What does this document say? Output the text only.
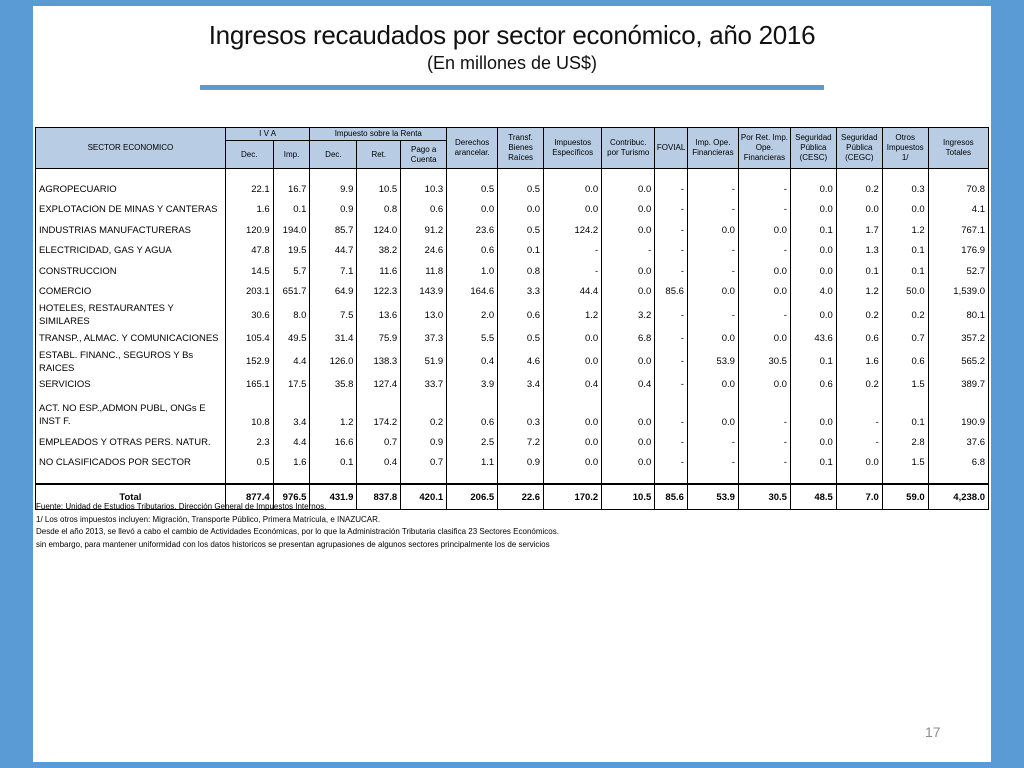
Ingresos recaudados por sector económico, año 2016
(En millones de US$)
SECTOR ECONOMICO	I V A		Impuesto sobre la Renta			Derechos arancelar.	Transf. Bienes Raíces	Impuestos Específicos	Contribuc. por Turismo	FOVIAL	Imp. Ope. Financieras	Por Ret. Imp. Ope. Financieras	Seguridad Pública (CESC)	Seguridad Pública (CEGC)	Otros Impuestos 1/	Ingresos Totales
	Dec.	Imp.	Dec.	Ret.	Pago a Cuenta											

AGROPECUARIO	22.1	16.7	9.9	10.5	10.3	0.5	0.5	0.0	0.0	-	-	-	0.0	0.2	0.3	70.8
EXPLOTACION DE MINAS Y CANTERAS	1.6	0.1	0.9	0.8	0.6	0.0	0.0	0.0	0.0	-	-	-	0.0	0.0	0.0	4.1
INDUSTRIAS MANUFACTURERAS	120.9	194.0	85.7	124.0	91.2	23.6	0.5	124.2	0.0	-	0.0	0.0	0.1	1.7	1.2	767.1
ELECTRICIDAD, GAS Y AGUA	47.8	19.5	44.7	38.2	24.6	0.6	0.1	-	-	-	-	-	0.0	1.3	0.1	176.9
CONSTRUCCION	14.5	5.7	7.1	11.6	11.8	1.0	0.8	-	0.0	-	-	0.0	0.0	0.1	0.1	52.7
COMERCIO	203.1	651.7	64.9	122.3	143.9	164.6	3.3	44.4	0.0	85.6	0.0	0.0	4.0	1.2	50.0	1,539.0
HOTELES, RESTAURANTES Y SIMILARES	30.6	8.0	7.5	13.6	13.0	2.0	0.6	1.2	3.2	-	-	-	0.0	0.2	0.2	80.1
TRANSP., ALMAC. Y COMUNICACIONES	105.4	49.5	31.4	75.9	37.3	5.5	0.5	0.0	6.8	-	0.0	0.0	43.6	0.6	0.7	357.2
ESTABL. FINANC., SEGUROS Y Bs RAICES	152.9	4.4	126.0	138.3	51.9	0.4	4.6	0.0	0.0	-	53.9	30.5	0.1	1.6	0.6	565.2
SERVICIOS	165.1	17.5	35.8	127.4	33.7	3.9	3.4	0.4	0.4	-	0.0	0.0	0.6	0.2	1.5	389.7
ACT. NO ESP.,ADMON PUBL, ONGs E INST F.	10.8	3.4	1.2	174.2	0.2	0.6	0.3	0.0	0.0	-	0.0	-	0.0	-	0.1	190.9
EMPLEADOS Y OTRAS PERS. NATUR.	2.3	4.4	16.6	0.7	0.9	2.5	7.2	0.0	0.0	-	-	-	0.0	-	2.8	37.6
NO CLASIFICADOS POR SECTOR	0.5	1.6	0.1	0.4	0.7	1.1	0.9	0.0	0.0	-	-	-	0.1	0.0	1.5	6.8

Total	877.4	976.5	431.9	837.8	420.1	206.5	22.6	170.2	10.5	85.6	53.9	30.5	48.5	7.0	59.0	4,238.0
Fuente: Unidad de Estudios Tributarios, Dirección General de Impuestos Internos.
1/ Los otros impuestos incluyen: Migración, Transporte Público, Primera Matrícula, e INAZUCAR.
Desde el año 2013, se llevó a cabo el cambio de Actividades Económicas, por lo que la Administración Tributaria clasifica 23 Sectores Económicos.
sin embargo, para mantener uniformidad con los datos historicos se presentan agrupasiones de algunos sectores principalmente los de servicios
17
